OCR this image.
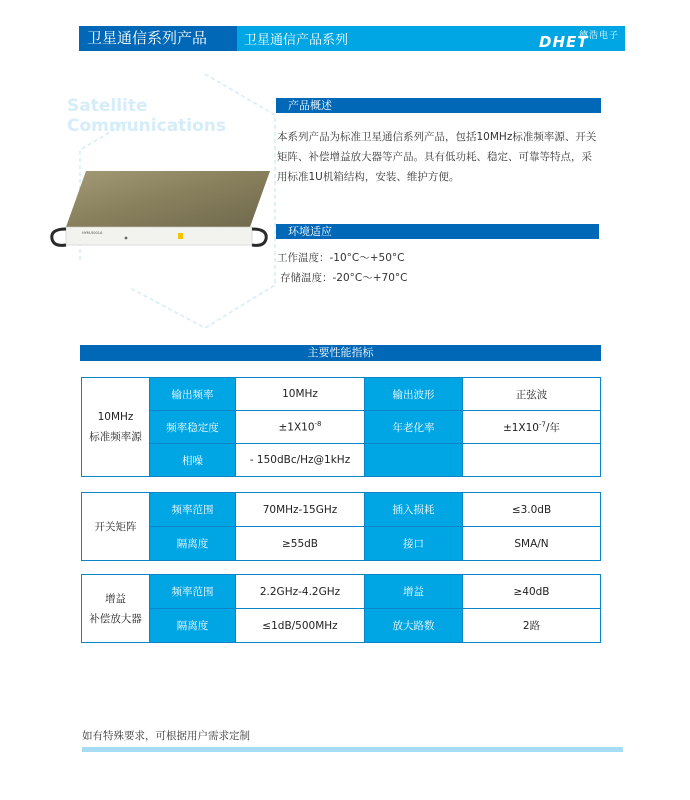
卫星通信系列产品	卫星通信产品系列	德浩电子
DHET
Satellite
Communications
HYM-5001A
产品概述
本系列产品为标准卫星通信系列产品，包括10MHz标准频率源、开关矩阵、补偿增益放大器等产品。具有低功耗、稳定、可靠等特点，采用标准1U机箱结构，安装、维护方便。
环境适应
工作温度：-10°C～+50°C
存储温度：-20°C～+70°C
主要性能指标
10MHz
标准频率源	输出频率	10MHz	输出波形	正弦波
	频率稳定度	$\pm 1X10^{-8}$	年老化率	$\pm 1X10^{-7}/$年
	相噪	- 150dBc/Hz@1kHz		
开关矩阵	频率范围	70MHz-15GHz	插入损耗	≤3.0dB
	隔离度	≥55dB	接口	SMA/N
增益
补偿放大器	频率范围	2.2GHz-4.2GHz	增益	≥40dB
	隔离度	≤1dB/500MHz	放大路数	2路
如有特殊要求，可根据用户需求定制
